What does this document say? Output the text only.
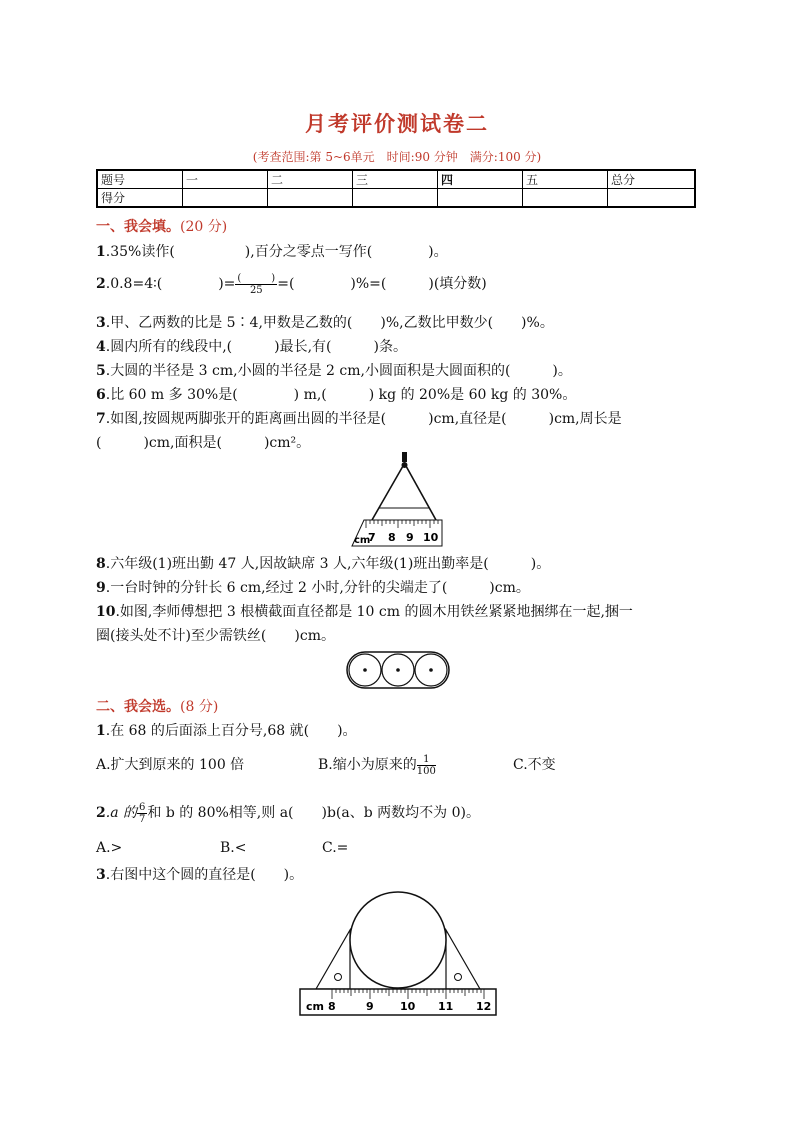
月考评价测试卷二
(考查范围:第 5~6单元　时间:90 分钟　满分:100 分)
题号	一	二	三	四	五	总分
得分						
一、我会填。(20 分)
1.35%读作(　　　　　),百分之零点一写作(　　　　)。
2.0.8=4∶(　　　　)= $\frac{( )}{25}$ =(　　　　)%=(　　　)(填分数)
3.甲、乙两数的比是 5∶4,甲数是乙数的(　　)%,乙数比甲数少(　　)%。
4.圆内所有的线段中,(　　　)最长,有(　　　)条。
5.大圆的半径是 3 cm,小圆的半径是 2 cm,小圆面积是大圆面积的(　　　)。
6.比 60 m 多 30%是(　　　　) m,(　　　) kg 的 20%是 60 kg 的 30%。
7.如图,按圆规两脚张开的距离画出圆的半径是(　　　)cm,直径是(　　　)cm,周长是
(　　　)cm,面积是(　　　)cm²。
cm
7 8 9 10
8.六年级(1)班出勤 47 人,因故缺席 3 人,六年级(1)班出勤率是(　　　)。
9.一台时钟的分针长 6 cm,经过 2 小时,分针的尖端走了(　　　)cm。
10.如图,李师傅想把 3 根横截面直径都是 10 cm 的圆木用铁丝紧紧地捆绑在一起,捆一
圈(接头处不计)至少需铁丝(　　)cm。
二、我会选。(8 分)
1.在 68 的后面添上百分号,68 就(　　)。
A.扩大到原来的 100 倍	B.缩小为原来的 $\frac{1}{100}$	C.不变
2.a 的 $\frac{6}{7}$ 和 b 的 80%相等,则 a(　　)b(a、b 两数均不为 0)。
A.>	B.<	C.=
3.右图中这个圆的直径是(　　)。
cm 8	9 10 11 12
